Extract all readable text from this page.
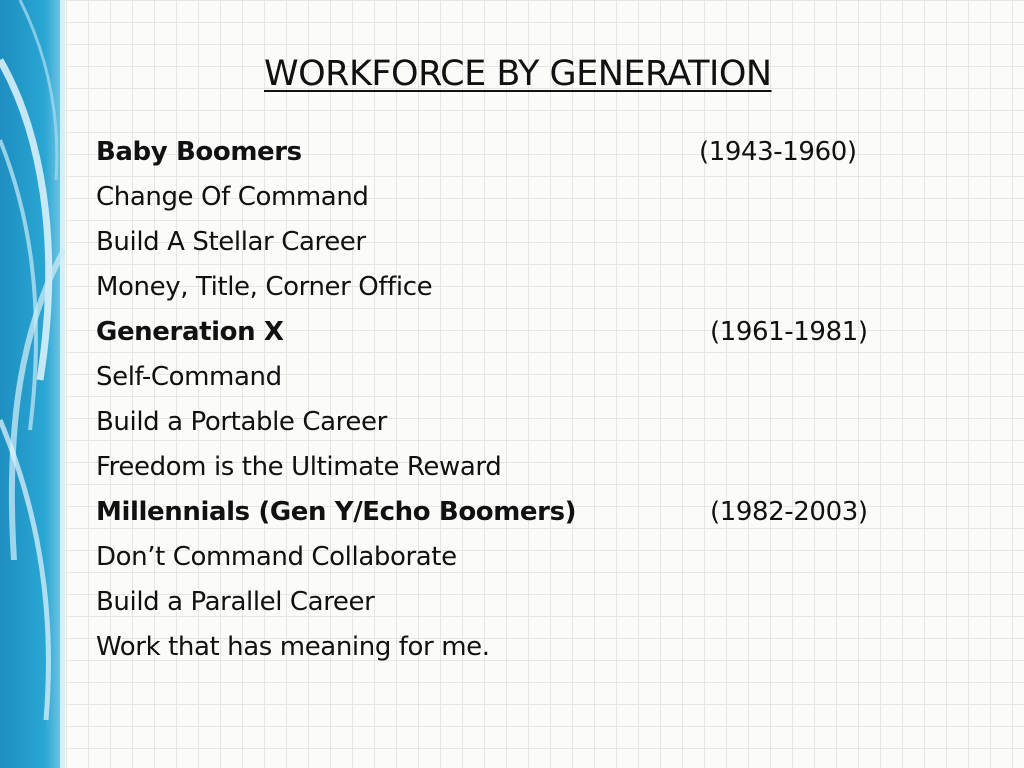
WORKFORCE BY GENERATION
Baby Boomers	(1943-1960)
Change Of Command
Build A Stellar Career
Money, Title, Corner Office
Generation X	(1961-1981)
Self-Command
Build a Portable Career
Freedom is the Ultimate Reward
Millennials (Gen Y/Echo Boomers)	(1982-2003)
Don’t Command Collaborate
Build a Parallel Career
Work that has meaning for me.
